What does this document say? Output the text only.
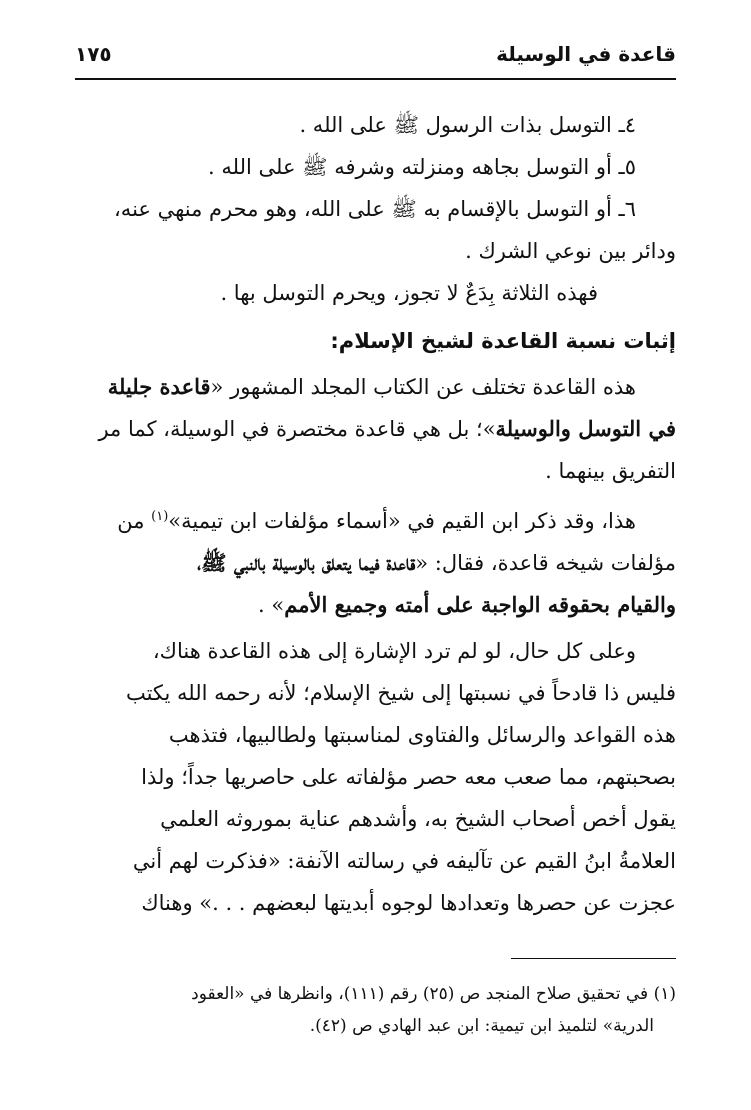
قاعدة في الوسيلة
١٧٥
٤ـ التوسل بذات الرسول ﷺ على الله .
٥ـ أو التوسل بجاهه ومنزلته وشرفه ﷺ على الله .
٦ـ أو التوسل بالإقسام به ﷺ على الله، وهو محرم منهي عنه،
ودائر بين نوعي الشرك .
فهذه الثلاثة بِدَعٌ لا تجوز، ويحرم التوسل بها .
إثبات نسبة القاعدة لشيخ الإسلام:
هذه القاعدة تختلف عن الكتاب المجلد المشهور «قاعدة جليلة
في التوسل والوسيلة»؛ بل هي قاعدة مختصرة في الوسيلة، كما مر
التفريق بينهما .
هذا، وقد ذكر ابن القيم في «أسماء مؤلفات ابن تيمية»$^{(١)}$ من
مؤلفات شيخه قاعدة، فقال: «قاعدة فيما يتعلق بالوسيلة بالنبي ﷺ،
والقيام بحقوقه الواجبة على أمته وجميع الأمم» .
وعلى كل حال، لو لم ترد الإشارة إلى هذه القاعدة هناك،
فليس ذا قادحاً في نسبتها إلى شيخ الإسلام؛ لأنه رحمه الله يكتب
هذه القواعد والرسائل والفتاوى لمناسبتها ولطالبيها، فتذهب
بصحبتهم، مما صعب معه حصر مؤلفاته على حاصريها جداً؛ ولذا
يقول أخص أصحاب الشيخ به، وأشدهم عناية بموروثه العلمي
العلامةُ ابنُ القيم عن تآليفه في رسالته الآنفة: «فذكرت لهم أني
عجزت عن حصرها وتعدادها لوجوه أبديتها لبعضهم . . .» وهناك
(١) في تحقيق صلاح المنجد ص (٢٥) رقم (١١١)، وانظرها في «العقود
الدرية» لتلميذ ابن تيمية: ابن عبد الهادي ص (٤٢).
